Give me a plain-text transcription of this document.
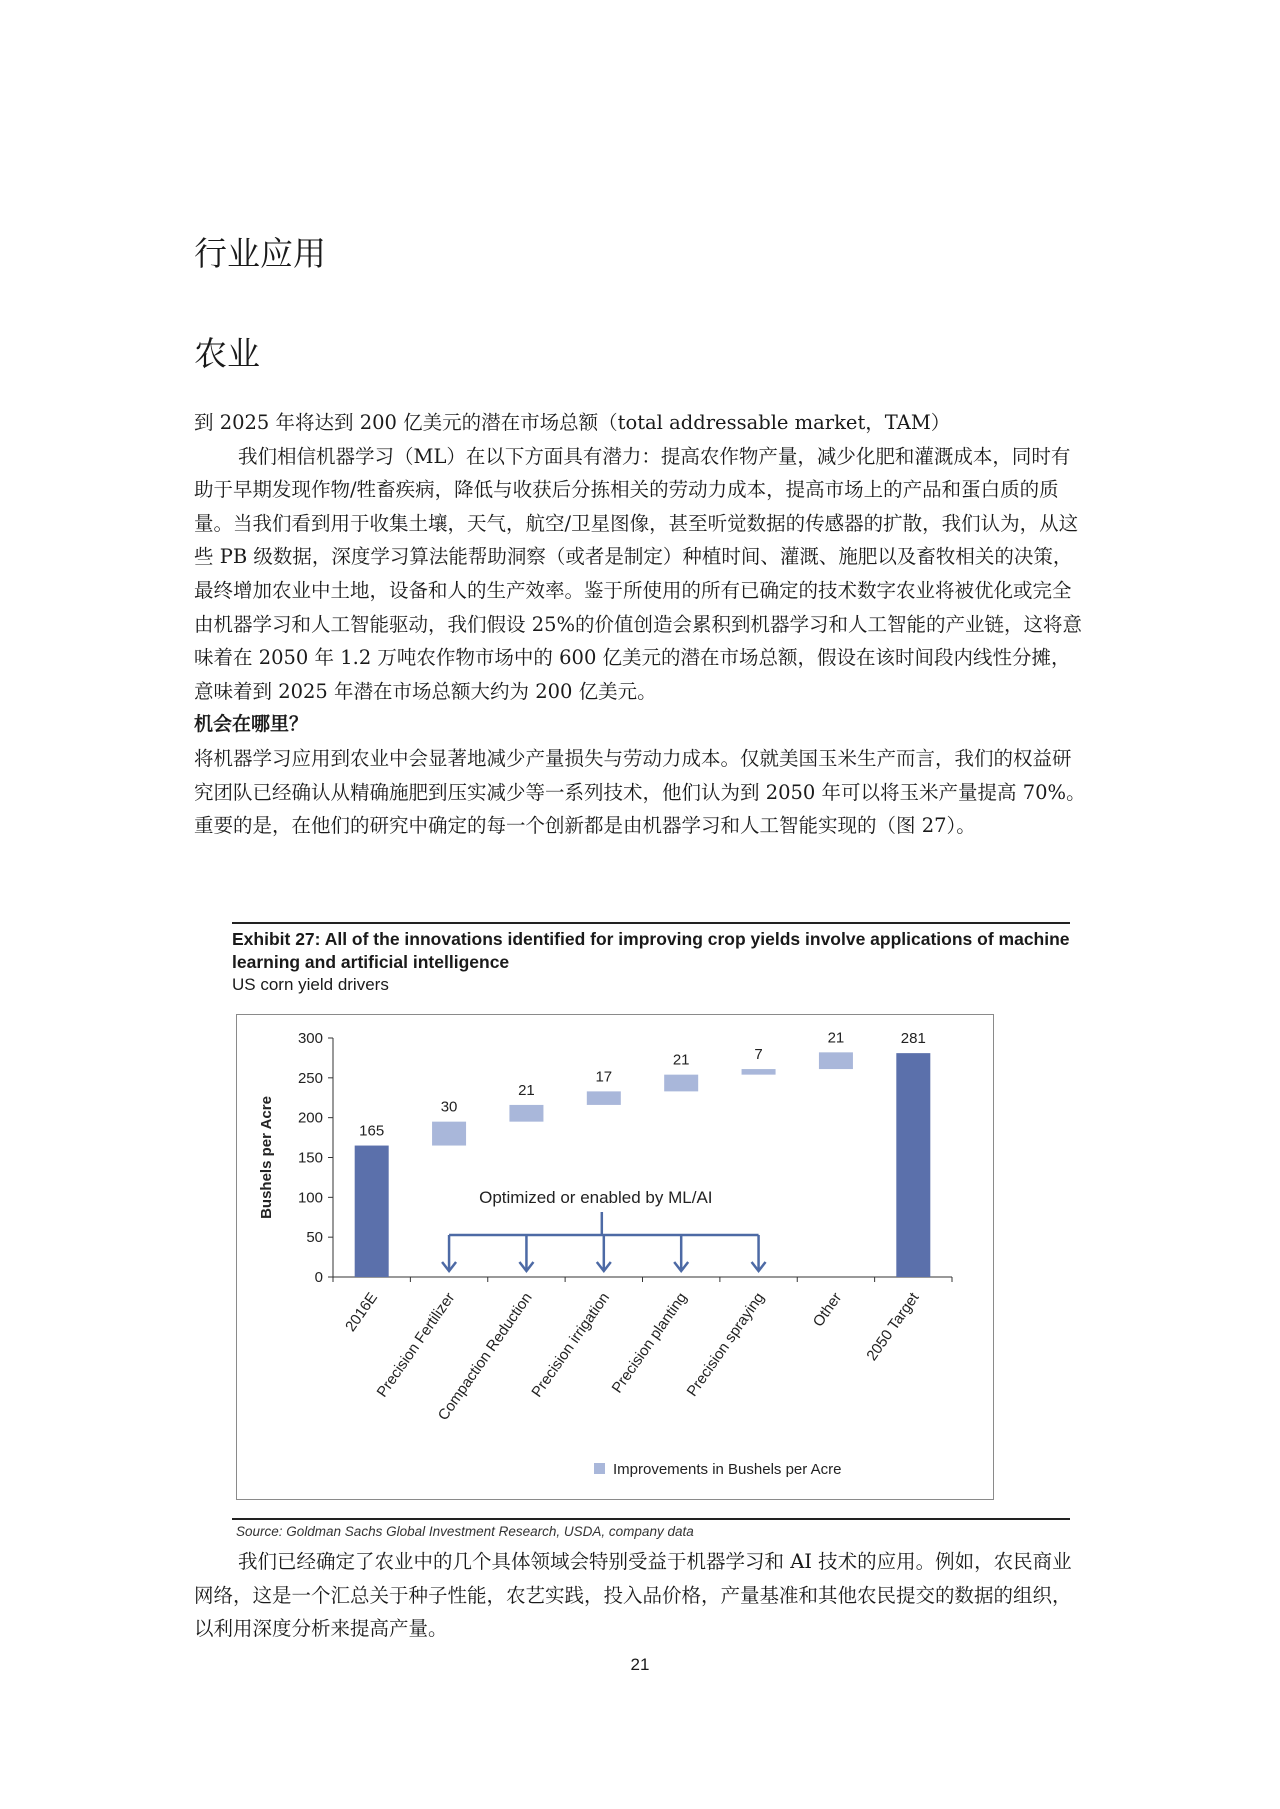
行业应用
农业

到 2025 年将达到 200 亿美元的潜在市场总额（total addressable market，TAM）

我们相信机器学习（ML）在以下方面具有潜力：提高农作物产量，减少化肥和灌溉成本，同时有助于早期发现作物/牲畜疾病，降低与收获后分拣相关的劳动力成本，提高市场上的产品和蛋白质的质量。当我们看到用于收集土壤，天气，航空/卫星图像，甚至听觉数据的传感器的扩散，我们认为，从这些 PB 级数据，深度学习算法能帮助洞察（或者是制定）种植时间、灌溉、施肥以及畜牧相关的决策，最终增加农业中土地，设备和人的生产效率。鉴于所使用的所有已确定的技术数字农业将被优化或完全由机器学习和人工智能驱动，我们假设 25%的价值创造会累积到机器学习和人工智能的产业链，这将意味着在 2050 年 1.2 万吨农作物市场中的 600 亿美元的潜在市场总额，假设在该时间段内线性分摊，意味着到 2025 年潜在市场总额大约为 200 亿美元。

机会在哪里？

将机器学习应用到农业中会显著地减少产量损失与劳动力成本。仅就美国玉米生产而言，我们的权益研究团队已经确认从精确施肥到压实减少等一系列技术，他们认为到 2050 年可以将玉米产量提高 70%。重要的是，在他们的研究中确定的每一个创新都是由机器学习和人工智能实现的（图 27）。

Exhibit 27: All of the innovations identified for improving crop yields involve applications of machine learning and artificial intelligence
US corn yield drivers
0
50
100
150
200
250
300
Bushels per Acre	165
30
21
17
21	7
21	281
2016E
Precision Fertilizer
Compaction Reduction
Precision irrigation
Precision planting
Precision spraying	Other 2050 Target
Optimized or enabled by ML/AI
Improvements in Bushels per Acre
Source: Goldman Sachs Global Investment Research, USDA, company data

我们已经确定了农业中的几个具体领域会特别受益于机器学习和 AI 技术的应用。例如，农民商业网络，这是一个汇总关于种子性能，农艺实践，投入品价格，产量基准和其他农民提交的数据的组织，以利用深度分析来提高产量。

21
